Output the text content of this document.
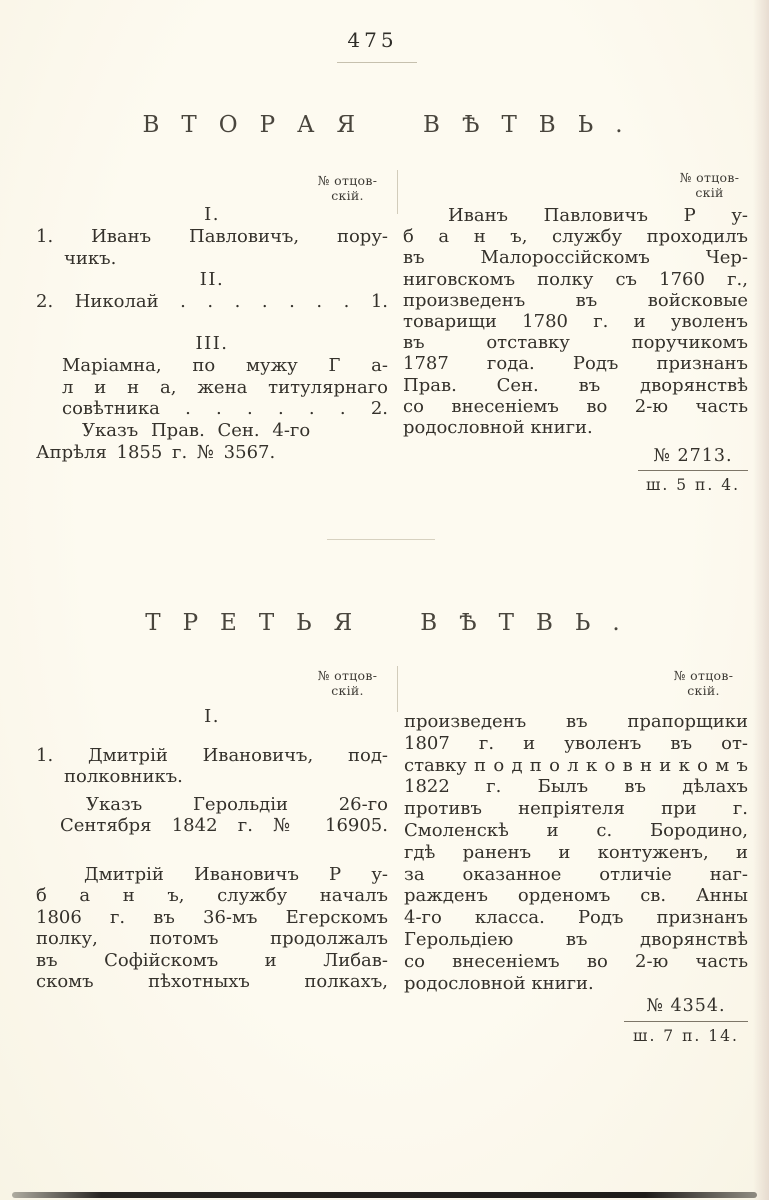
475
ВТОРАЯ ВѢТВЬ.
№ отцов-
скій.
№ отцов-
скій
I.
1. Иванъ Павловичъ, пору-
чикъ.
II.
2. Николай . . . . . . . 1.
III.
Маріамна, по мужу Г а-
л и н а, жена титулярнаго
совѣтника . . . . . . 2.
Указъ Прав. Сен. 4-го
Апрѣля 1855 г. № 3567.
Иванъ Павловичъ Р у-
б а н ъ, службу проходилъ
въ Малороссійскомъ Чер-
ниговскомъ полку съ 1760 г.,
произведенъ въ войсковые
товарищи 1780 г. и уволенъ
въ отставку поручикомъ
1787 года. Родъ признанъ
Прав. Сен. въ дворянствѣ
со внесеніемъ во 2-ю часть
родословной книги.
№ 2713.
ш. 5 п. 4.
ТРЕТЬЯ ВѢТВЬ.
№ отцов-
скій.
№ отцов-
скій.
I.
1. Дмитрій Ивановичъ, под-
полковникъ.
Указъ Герольдіи 26-го
Сентября 1842 г. № 16905.
Дмитрій Ивановичъ Р у-
б а н ъ, службу началъ
1806 г. въ 36-мъ Егерскомъ
полку, потомъ продолжалъ
въ Софійскомъ и Либав-
скомъ пѣхотныхъ полкахъ,
произведенъ въ прапорщики
1807 г. и уволенъ въ от-
ставку п о д п о л к о в н и к о м ъ
1822 г. Былъ въ дѣлахъ
противъ непріятеля при г.
Смоленскѣ и с. Бородино,
гдѣ раненъ и контуженъ, и
за оказанное отличіе наг-
ражденъ орденомъ св. Анны
4-го класса. Родъ признанъ
Герольдіею въ дворянствѣ
со внесеніемъ во 2-ю часть
родословной книги.
№ 4354.
ш. 7 п. 14.
